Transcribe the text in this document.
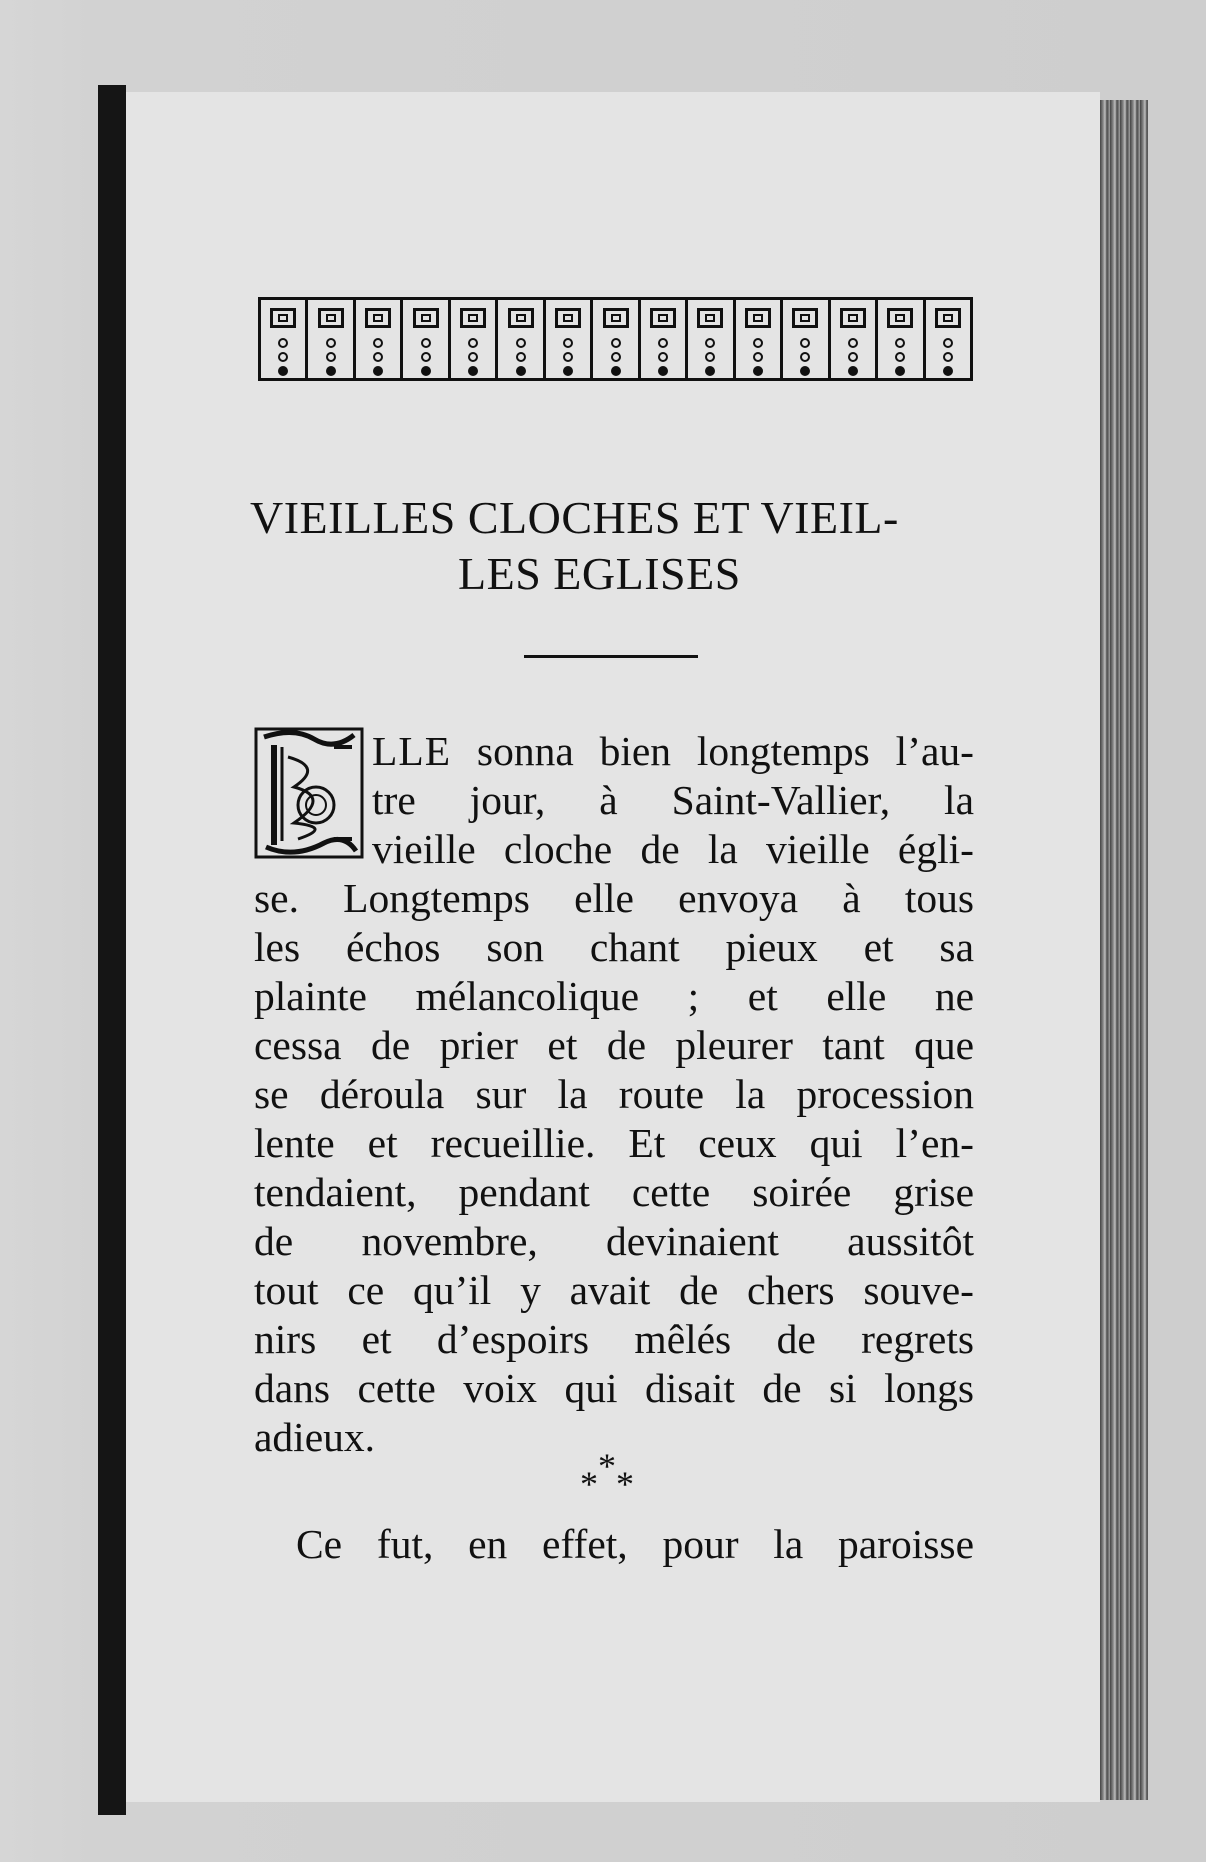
VIEILLES CLOCHES ET VIEIL-
LES EGLISES
LLE sonna bien longtemps l’au-
tre jour, à Saint-Vallier, la
vieille cloche de la vieille égli-
se. Longtemps elle envoya à tous
les échos son chant pieux et sa
plainte mélancolique ; et elle ne
cessa de prier et de pleurer tant que
se déroula sur la route la procession
lente et recueillie. Et ceux qui l’en-
tendaient, pendant cette soirée grise
de novembre, devinaient aussitôt
tout ce qu’il y avait de chers souve-
nirs et d’espoirs mêlés de regrets
dans cette voix qui disait de si longs
adieux.
*
* *
Ce fut, en effet, pour la paroisse
